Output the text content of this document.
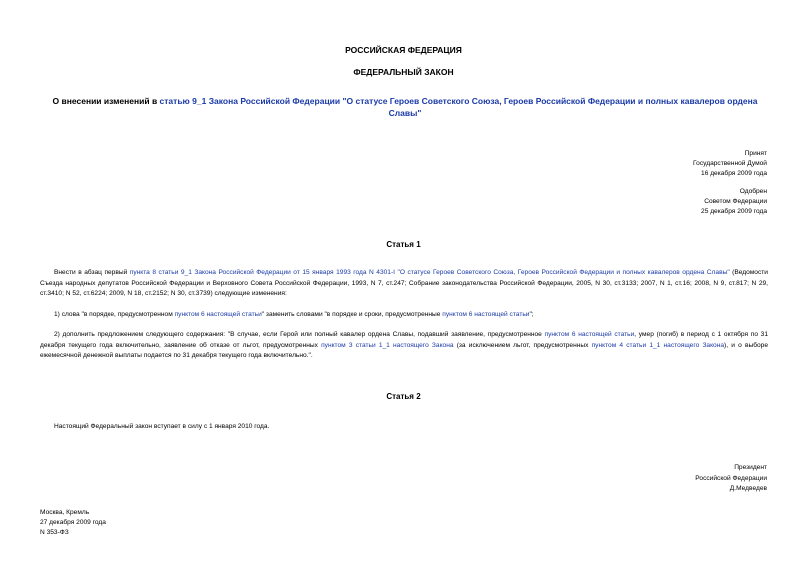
РОССИЙСКАЯ ФЕДЕРАЦИЯ
ФЕДЕРАЛЬНЫЙ ЗАКОН
О внесении изменений в статью 9_1 Закона Российской Федерации "О статусе Героев Советского Союза, Героев Российской Федерации и полных кавалеров ордена Славы"
Принят
Государственной Думой
16 декабря 2009 года
Одобрен
Советом Федерации
25 декабря 2009 года
Статья 1
Внести в абзац первый пункта 8 статьи 9_1 Закона Российской Федерации от 15 января 1993 года N 4301-I "О статусе Героев Советского Союза, Героев Российской Федерации и полных кавалеров ордена Славы" (Ведомости Съезда народных депутатов Российской Федерации и Верховного Совета Российской Федерации, 1993, N 7, ст.247; Собрание законодательства Российской Федерации, 2005, N 30, ст.3133; 2007, N 1, ст.16; 2008, N 9, ст.817; N 29, ст.3410; N 52, ст.6224; 2009, N 18, ст.2152; N 30, ст.3739) следующие изменения:
1) слова "в порядке, предусмотренном пунктом 6 настоящей статьи" заменить словами "в порядке и сроки, предусмотренные пунктом 6 настоящей статьи";
2) дополнить предложением следующего содержания: "В случае, если Герой или полный кавалер ордена Славы, подавший заявление, предусмотренное пунктом 6 настоящей статьи, умер (погиб) в период с 1 октября по 31 декабря текущего года включительно, заявление об отказе от льгот, предусмотренных пунктом 3 статьи 1_1 настоящего Закона (за исключением льгот, предусмотренных пунктом 4 статьи 1_1 настоящего Закона), и о выборе ежемесячной денежной выплаты подается по 31 декабря текущего года включительно.".
Статья 2
Настоящий Федеральный закон вступает в силу с 1 января 2010 года.
Президент
Российской Федерации
Д.Медведев
Москва, Кремль
27 декабря 2009 года
N 353-ФЗ
